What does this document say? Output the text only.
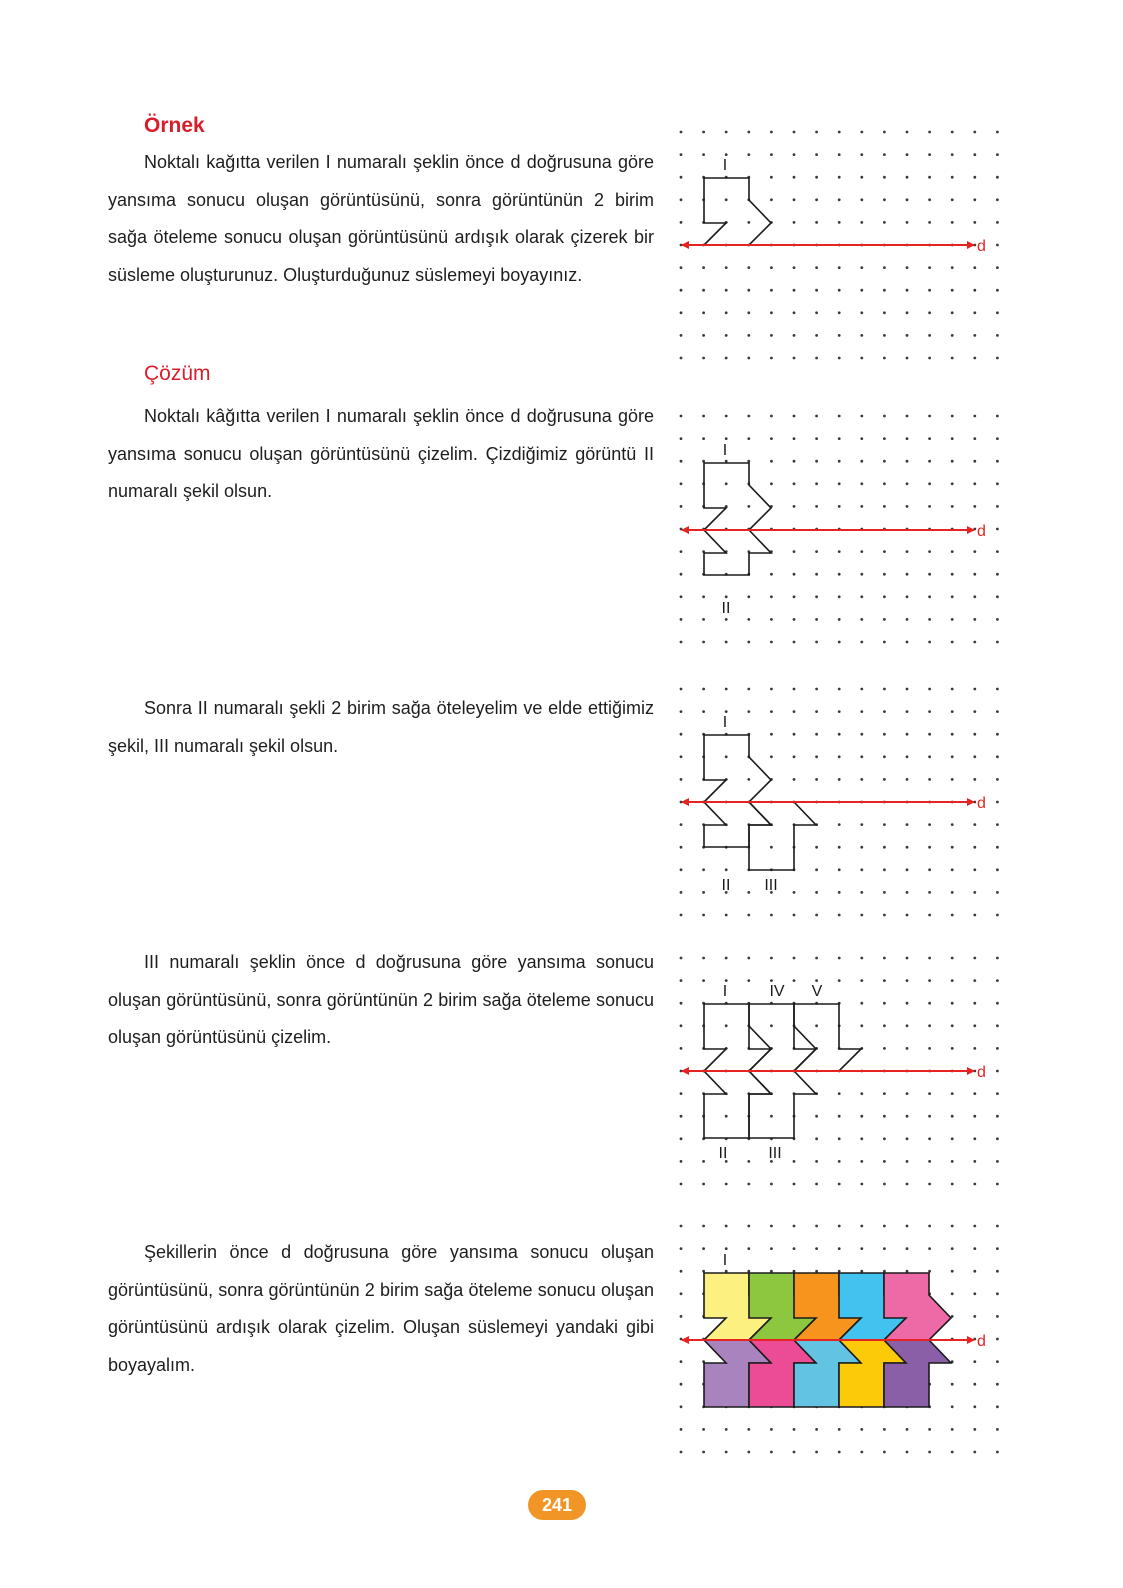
Örnek

Noktalı kağıtta verilen I numaralı şeklin önce d doğrusuna göre yansıma sonucu oluşan görüntüsünü, sonra görüntünün 2 birim sağa öteleme sonucu oluşan görüntüsünü ardışık olarak çizerek bir süsleme oluşturunuz. Oluşturduğunuz süslemeyi boyayınız.

Çözüm

Noktalı kâğıtta verilen I numaralı şeklin önce d doğrusuna göre yansıma sonucu oluşan görüntüsünü çizelim. Çizdiğimiz görüntü II numaralı şekil olsun.

Sonra II numaralı şekli 2 birim sağa öteleyelim ve elde ettiğimiz şekil, III numaralı şekil olsun.

III numaralı şeklin önce d doğrusuna göre yansıma sonucu oluşan görüntüsünü, sonra görüntünün 2 birim sağa öteleme sonucu oluşan görüntüsünü çizelim.

Şekillerin önce d doğrusuna göre yansıma sonucu oluşan görüntüsünü, sonra görüntünün 2 birim sağa öteleme sonucu oluşan görüntüsünü ardışık olarak çizelim. Oluşan süslemeyi yandaki gibi boyayalım.

d
I
d
I
II
d
I
II III
d
I	IV V
II	III
d
I
241
